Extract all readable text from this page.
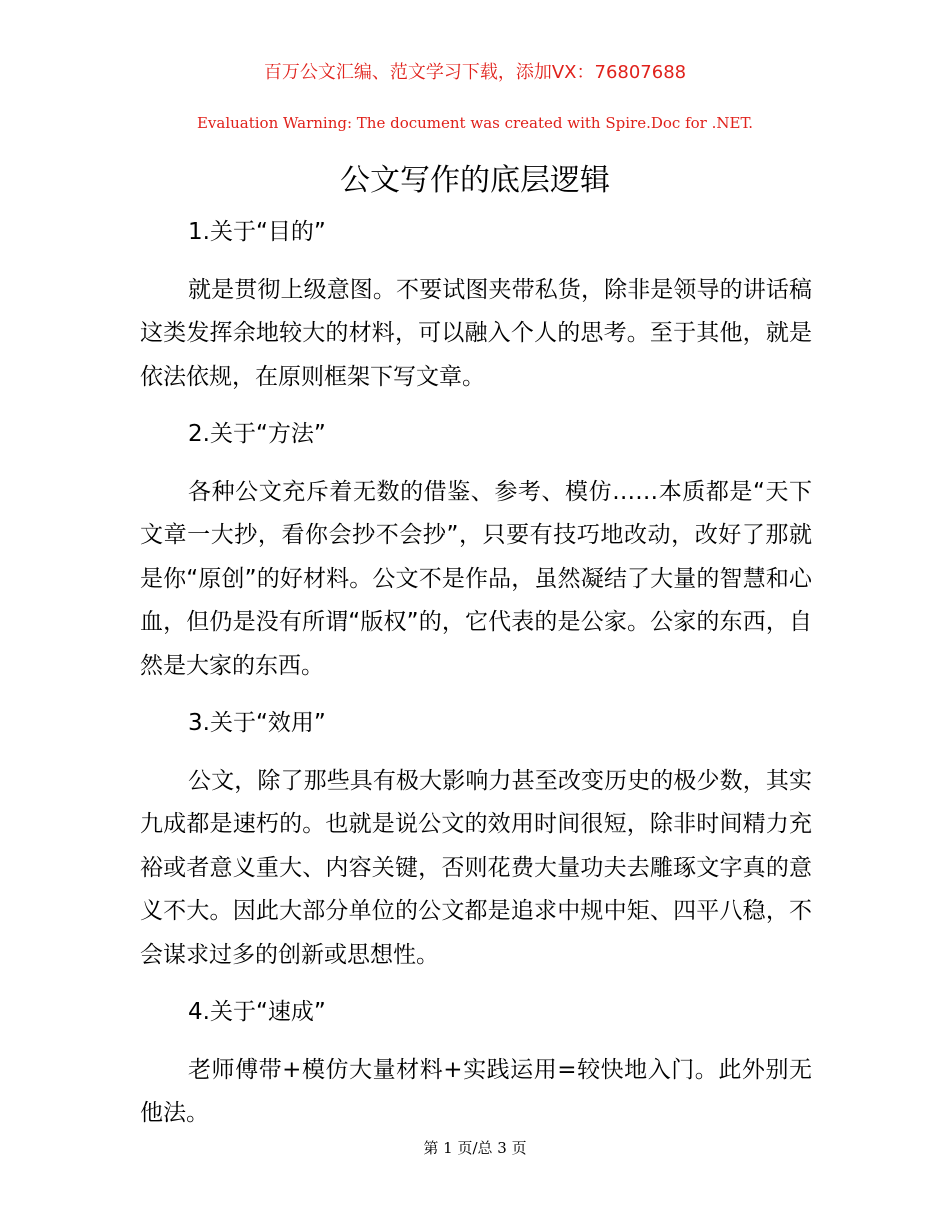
百万公文汇编、范文学习下载，添加VX：76807688
Evaluation Warning: The document was created with Spire.Doc for .NET.
公文写作的底层逻辑

1.关于“目的”

就是贯彻上级意图。不要试图夹带私货，除非是领导的讲话稿这类发挥余地较大的材料，可以融入个人的思考。至于其他，就是依法依规，在原则框架下写文章。

2.关于“方法”

各种公文充斥着无数的借鉴、参考、模仿……本质都是“天下文章一大抄，看你会抄不会抄”，只要有技巧地改动，改好了那就是你“原创”的好材料。公文不是作品，虽然凝结了大量的智慧和心血，但仍是没有所谓“版权”的，它代表的是公家。公家的东西，自然是大家的东西。

3.关于“效用”

公文，除了那些具有极大影响力甚至改变历史的极少数，其实九成都是速朽的。也就是说公文的效用时间很短，除非时间精力充裕或者意义重大、内容关键，否则花费大量功夫去雕琢文字真的意义不大。因此大部分单位的公文都是追求中规中矩、四平八稳，不会谋求过多的创新或思想性。

4.关于“速成”

老师傅带+模仿大量材料+实践运用=较快地入门。此外别无他法。

第 1 页/总 3 页
